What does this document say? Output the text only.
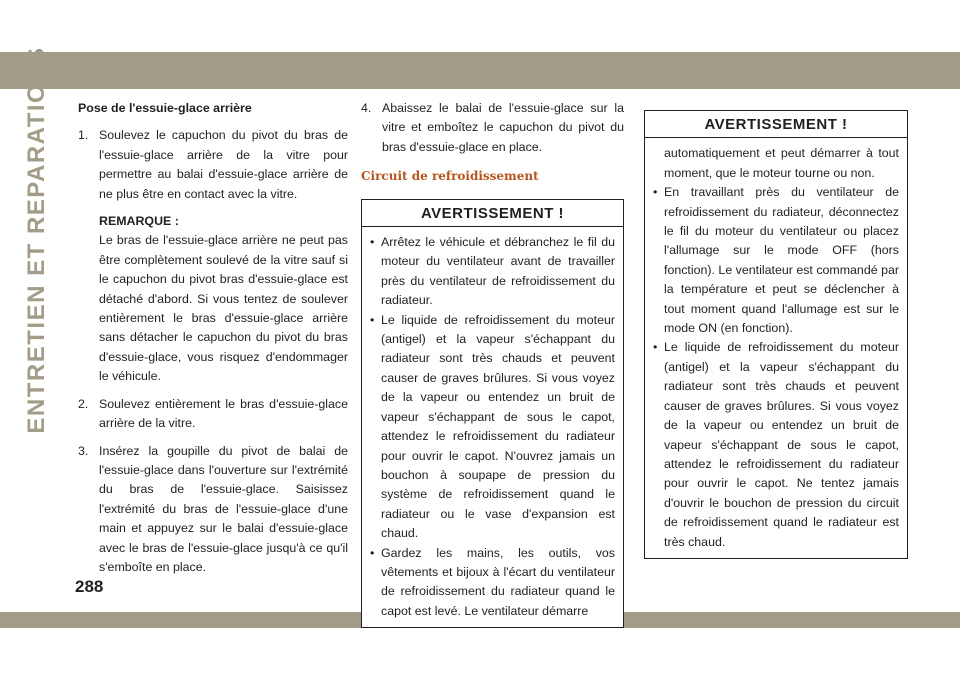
ENTRETIEN ET REPARATIONS Pose de l'essuie-glace arrière
1. Soulevez le capuchon du pivot du bras de l'essuie-glace arrière de la vitre pour permettre au balai d'essuie-glace arrière de ne plus être en contact avec la vitre.
REMARQUE :
Le bras de l'essuie-glace arrière ne peut pas être complètement soulevé de la vitre sauf si le capuchon du pivot bras d'essuie-glace est détaché d'abord. Si vous tentez de soulever entièrement le bras d'essuie-glace arrière sans détacher le capuchon du pivot du bras d'essuie-glace, vous risquez d'endommager le véhicule.
2. Soulevez entièrement le bras d'essuie-glace arrière de la vitre.
3. Insérez la goupille du pivot de balai de l'essuie-glace dans l'ouverture sur l'extrémité du bras de l'essuie-glace. Saisissez l'extrémité du bras de l'essuie-glace d'une main et appuyez sur le balai d'essuie-glace avec le bras de l'essuie-glace jusqu'à ce qu'il s'emboîte en place.
4. Abaissez le balai de l'essuie-glace sur la vitre et emboîtez le capuchon du pivot du bras d'essuie-glace en place.
Circuit de refroidissement
AVERTISSEMENT !
• Arrêtez le véhicule et débranchez le fil du moteur du ventilateur avant de travailler près du ventilateur de refroidissement du radiateur.
• Le liquide de refroidissement du moteur (antigel) et la vapeur s'échappant du radiateur sont très chauds et peuvent causer de graves brûlures. Si vous voyez de la vapeur ou entendez un bruit de vapeur s'échappant de sous le capot, attendez le refroidissement du radiateur pour ouvrir le capot. N'ouvrez jamais un bouchon à soupape de pression du système de refroidissement quand le radiateur ou le vase d'expansion est chaud.
• Gardez les mains, les outils, vos vêtements et bijoux à l'écart du ventilateur de refroidissement du radiateur quand le capot est levé. Le ventilateur démarre
AVERTISSEMENT !
automatiquement et peut démarrer à tout moment, que le moteur tourne ou non.
• En travaillant près du ventilateur de refroidissement du radiateur, déconnectez le fil du moteur du ventilateur ou placez l'allumage sur le mode OFF (hors fonction). Le ventilateur est commandé par la température et peut se déclencher à tout moment quand l'allumage est sur le mode ON (en fonction).
• Le liquide de refroidissement du moteur (antigel) et la vapeur s'échappant du radiateur sont très chauds et peuvent causer de graves brûlures. Si vous voyez de la vapeur ou entendez un bruit de vapeur s'échappant de sous le capot, attendez le refroidissement du radiateur pour ouvrir le capot. Ne tentez jamais d'ouvrir le bouchon de pression du circuit de refroidissement quand le radiateur est très chaud.
288
